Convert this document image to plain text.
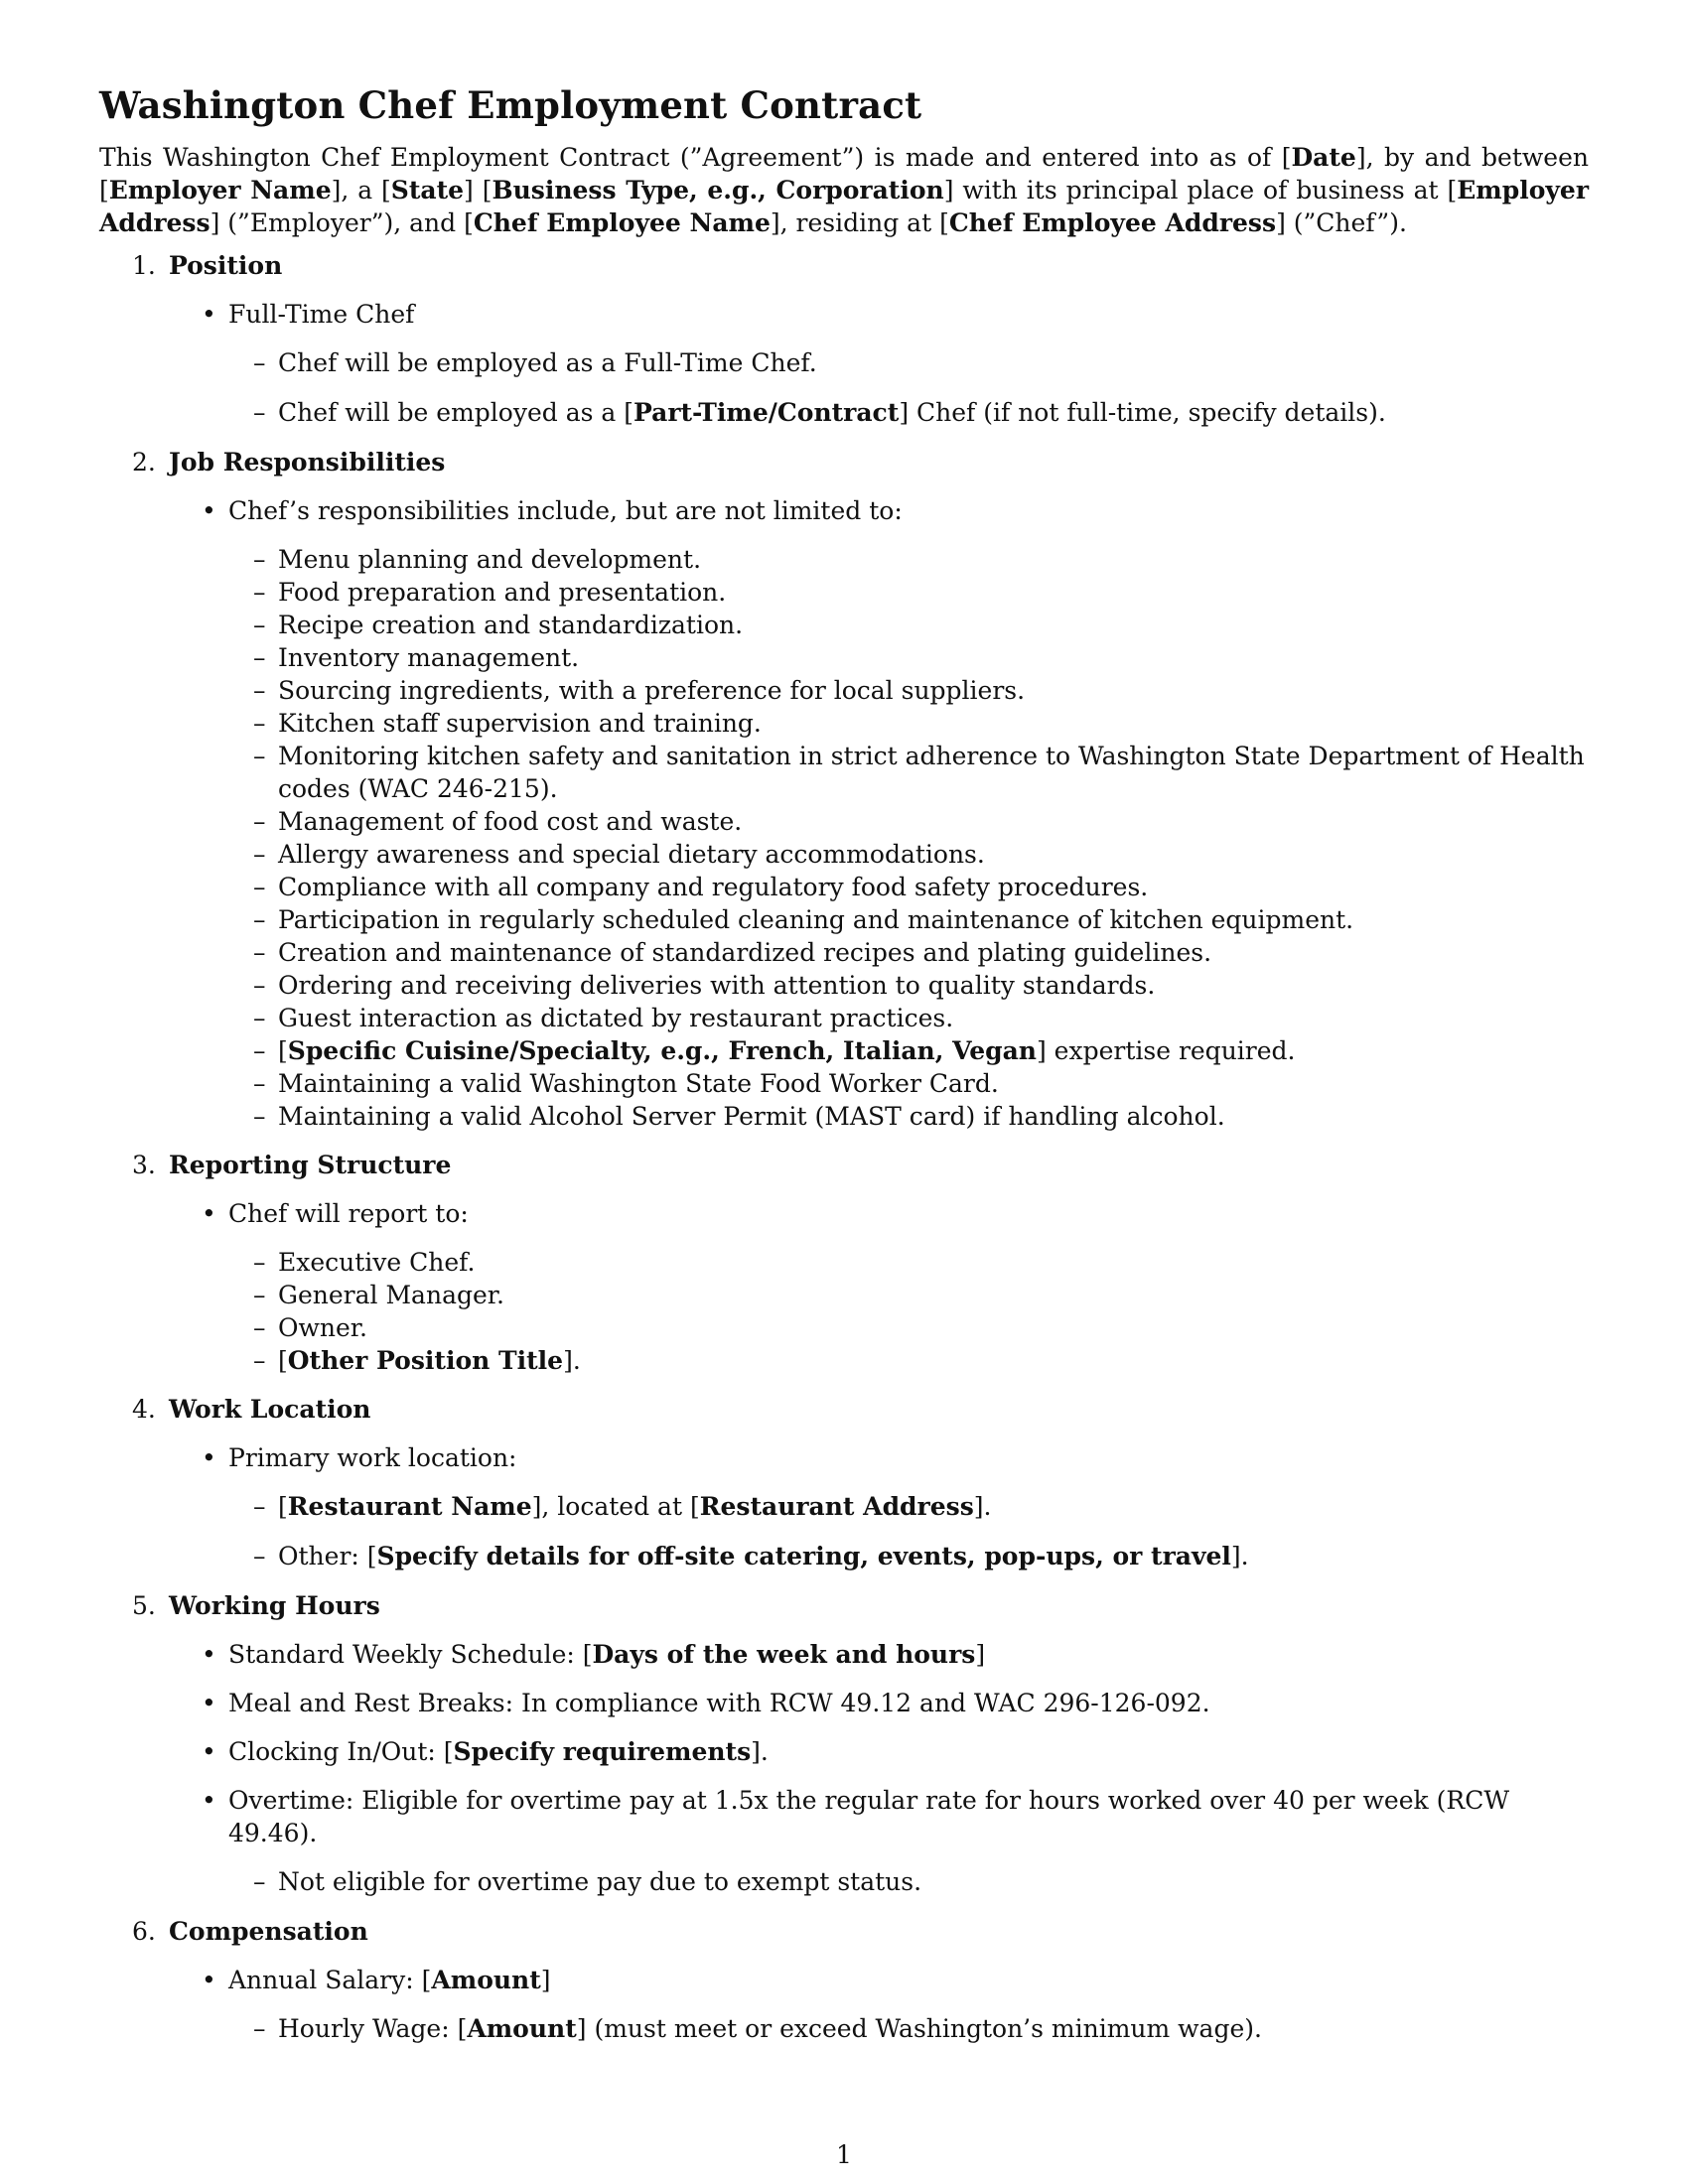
Washington Chef Employment Contract

This Washington Chef Employment Contract (”Agreement”) is made and entered into as of [Date], by and between [Employer Name], a [State] [Business Type, e.g., Corporation] with its principal place of business at [Employer Address] (”Employer”), and [Chef Employee Name], residing at [Chef Employee Address] (”Chef”).

1. Position
• Full-Time Chef
– Chef will be employed as a Full-Time Chef.
– Chef will be employed as a [Part-Time/Contract] Chef (if not full-time, specify details).
2. Job Responsibilities
• Chef’s responsibilities include, but are not limited to:
– Menu planning and development.
– Food preparation and presentation.
– Recipe creation and standardization.
– Inventory management.
– Sourcing ingredients, with a preference for local suppliers.
– Kitchen staff supervision and training.
– Monitoring kitchen safety and sanitation in strict adherence to Washington State Department of Health codes (WAC 246-215).
– Management of food cost and waste.
– Allergy awareness and special dietary accommodations.
– Compliance with all company and regulatory food safety procedures.
– Participation in regularly scheduled cleaning and maintenance of kitchen equipment.
– Creation and maintenance of standardized recipes and plating guidelines.
– Ordering and receiving deliveries with attention to quality standards.
– Guest interaction as dictated by restaurant practices.
– [Specific Cuisine/Specialty, e.g., French, Italian, Vegan] expertise required.
– Maintaining a valid Washington State Food Worker Card.
– Maintaining a valid Alcohol Server Permit (MAST card) if handling alcohol.
3. Reporting Structure
• Chef will report to:
– Executive Chef.
– General Manager.
– Owner.
– [Other Position Title].
4. Work Location
• Primary work location:
– [Restaurant Name], located at [Restaurant Address].
– Other: [Specify details for off-site catering, events, pop-ups, or travel].
5. Working Hours
• Standard Weekly Schedule: [Days of the week and hours]
• Meal and Rest Breaks: In compliance with RCW 49.12 and WAC 296-126-092.
• Clocking In/Out: [Specify requirements].
• Overtime: Eligible for overtime pay at 1.5x the regular rate for hours worked over 40 per week (RCW 49.46).
– Not eligible for overtime pay due to exempt status.
6. Compensation
• Annual Salary: [Amount]
– Hourly Wage: [Amount] (must meet or exceed Washington’s minimum wage).
1
